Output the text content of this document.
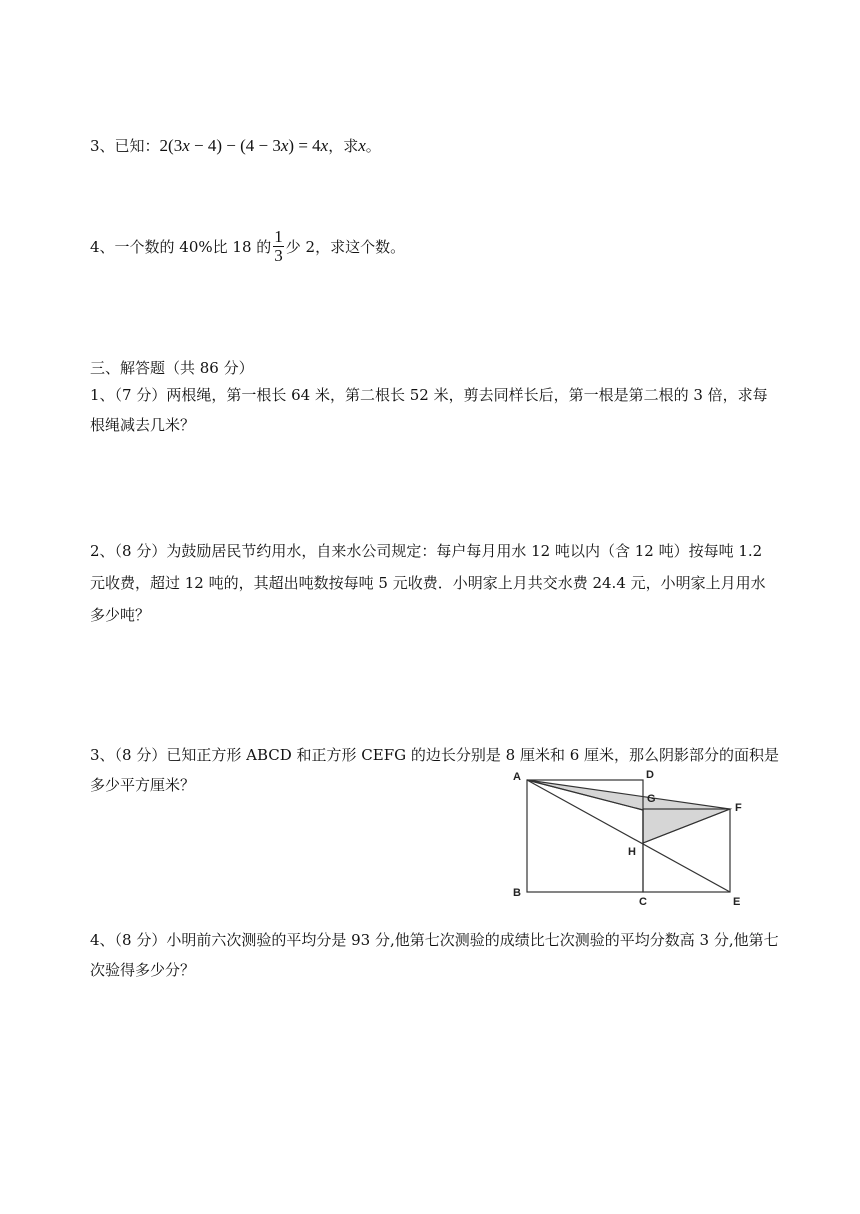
3、已知：2(3x − 4) − (4 − 3x) = 4x，求x。
4、一个数的 40%比 18 的 $\frac{1}{3}$ 少 2，求这个数。
三、解答题（共 86 分）
1、（7 分）两根绳，第一根长 64 米，第二根长 52 米，剪去同样长后，第一根是第二根的 3 倍，求每根绳减去几米？
2、（8 分）为鼓励居民节约用水，自来水公司规定：每户每月用水 12 吨以内（含 12 吨）按每吨 1.2 元收费，超过 12 吨的，其超出吨数按每吨 5 元收费．小明家上月共交水费 24.4 元，小明家上月用水多少吨？
3、（8 分）已知正方形 ABCD 和正方形 CEFG 的边长分别是 8 厘米和 6 厘米，那么阴影部分的面积是多少平方厘米？	A	D
G
F
H
B
C	E
4、（8 分）小明前六次测验的平均分是 93 分,他第七次测验的成绩比七次测验的平均分数高 3 分,他第七次验得多少分？
